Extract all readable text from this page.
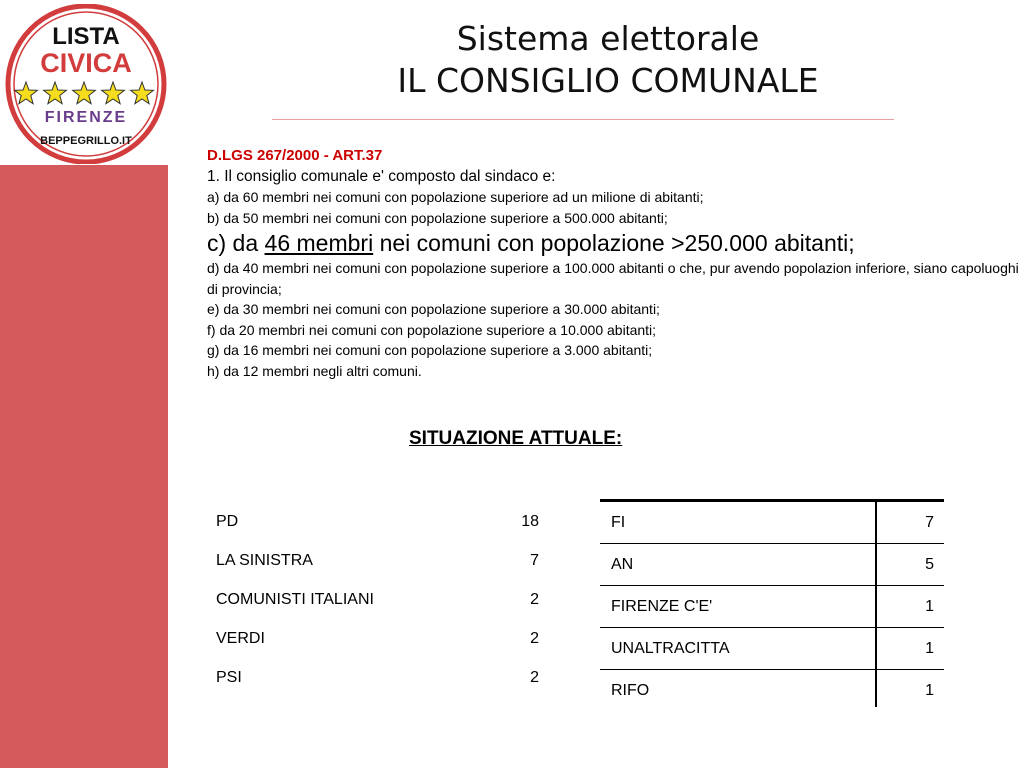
LISTA
CIVICA
FIRENZE
BEPPEGRILLO.IT
Sistema elettorale
IL CONSIGLIO COMUNALE
D.LGS 267/2000 - ART.37
1. Il consiglio comunale e' composto dal sindaco e:
a) da 60 membri nei comuni con popolazione superiore ad un milione di abitanti;
b) da 50 membri nei comuni con popolazione superiore a 500.000 abitanti;
c) da 46 membri nei comuni con popolazione >250.000 abitanti;
d) da 40 membri nei comuni con popolazione superiore a 100.000 abitanti o che, pur avendo popolazion inferiore, siano capoluoghi di provincia;
e) da 30 membri nei comuni con popolazione superiore a 30.000 abitanti;
f) da 20 membri nei comuni con popolazione superiore a 10.000 abitanti;
g) da 16 membri nei comuni con popolazione superiore a 3.000 abitanti;
h) da 12 membri negli altri comuni.
SITUAZIONE ATTUALE:
PD	18
LA SINISTRA	7
COMUNISTI ITALIANI	2
VERDI	2
PSI	2
FI	7
AN	5
FIRENZE C'E'	1
UNALTRACITTA	1
RIFO	1
